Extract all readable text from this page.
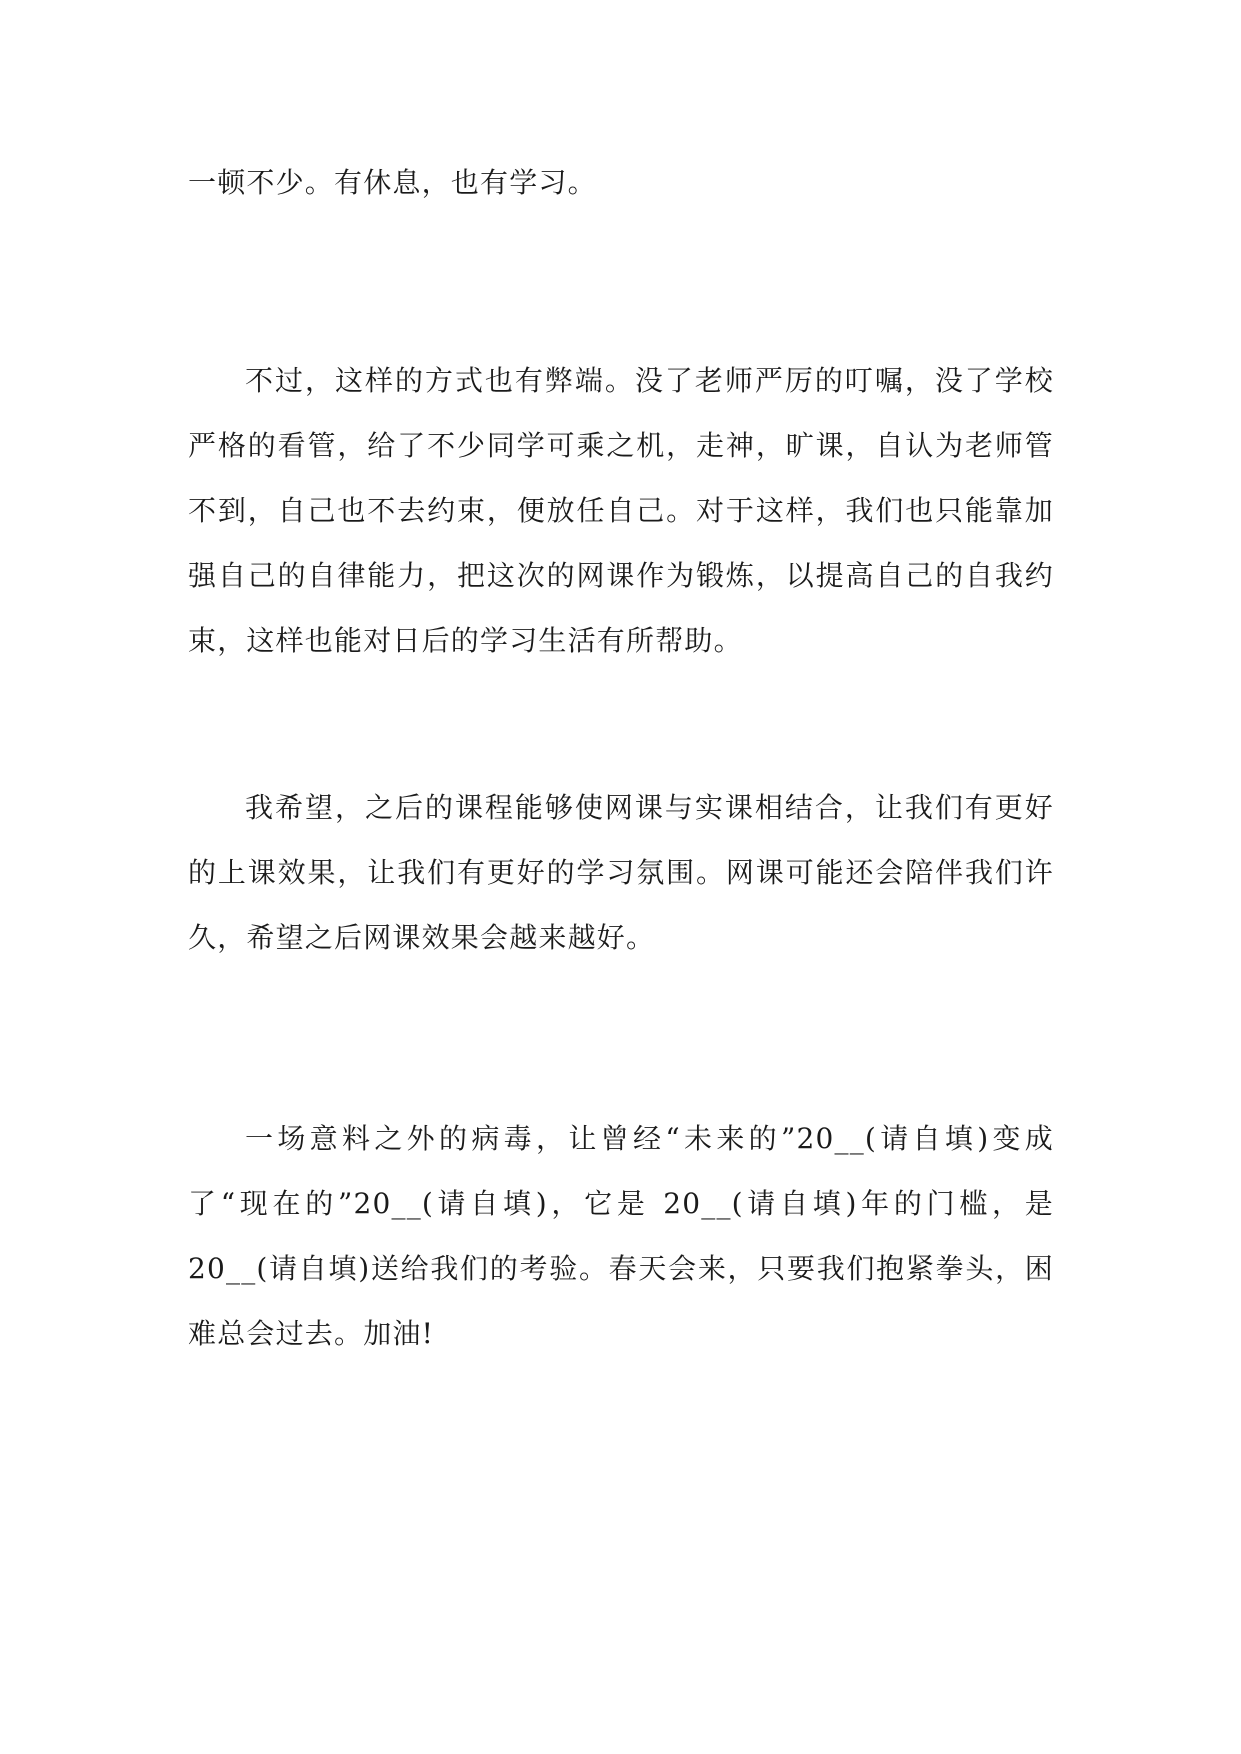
一顿不少。有休息，也有学习。

不过，这样的方式也有弊端。没了老师严厉的叮嘱，没了学校严格的看管，给了不少同学可乘之机，走神，旷课，自认为老师管不到，自己也不去约束，便放任自己。对于这样，我们也只能靠加强自己的自律能力，把这次的网课作为锻炼，以提高自己的自我约束，这样也能对日后的学习生活有所帮助。

我希望，之后的课程能够使网课与实课相结合，让我们有更好的上课效果，让我们有更好的学习氛围。网课可能还会陪伴我们许久，希望之后网课效果会越来越好。

一场意料之外的病毒，让曾经“未来的”20__(请自填)变成了“现在的”20__(请自填)，它是 20__(请自填)年的门槛，是 20__(请自填)送给我们的考验。春天会来，只要我们抱紧拳头，困难总会过去。加油!
